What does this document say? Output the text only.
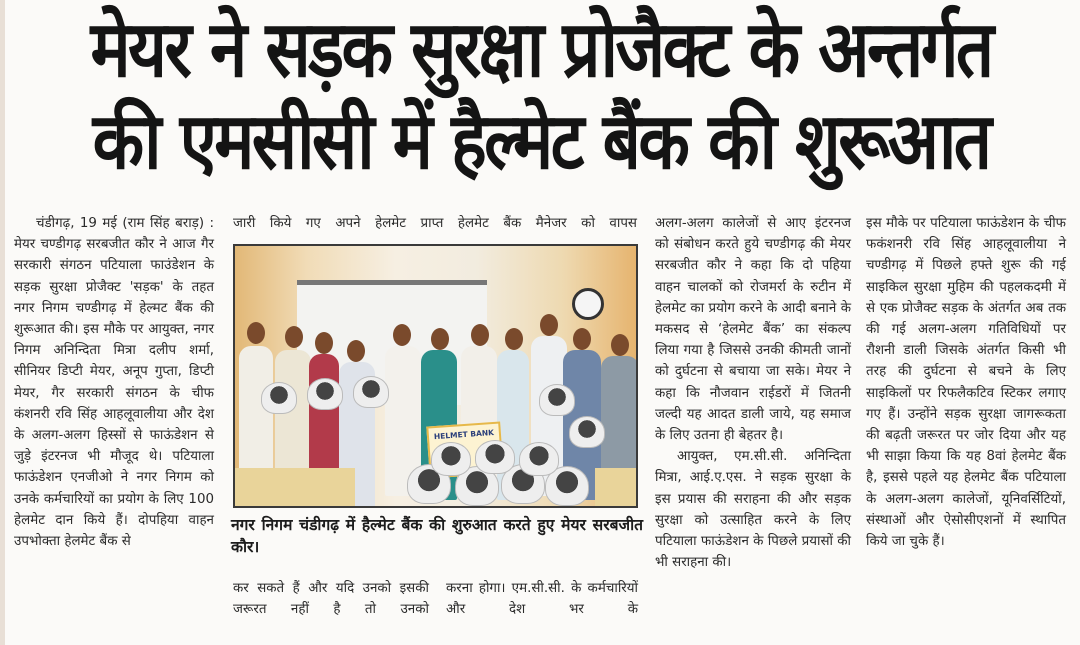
मेयर ने सड़क सुरक्षा प्रोजैक्ट के अन्तर्गत
की एमसीसी में हैल्मेट बैंक की शुरूआत

चंडीगढ़, 19 मई (राम सिंह बराड़) : मेयर चण्डीगढ़ सरबजीत कौर ने आज गैर सरकारी संगठन पटियाला फाउंडेशन के सड़क सुरक्षा प्रोजैक्ट 'सड़क' के तहत नगर निगम चण्डीगढ़ में हेल्मट बैंक की शुरूआत की। इस मौके पर आयुक्त, नगर निगम अनिन्दिता मित्रा दलीप शर्मा, सीनियर डिप्टी मेयर, अनूप गुप्ता, डिप्टी मेयर, गैर सरकारी संगठन के चीफ कंशनरी रवि सिंह आहलूवालीया और देश के अलग-अलग हिस्सों से फाऊंडेशन से जुड़े इंटरनज भी मौजूद थे। पटियाला फाऊंडेशन एनजीओ ने नगर निगम को उनके कर्मचारियों का प्रयोग के लिए 100 हेलमेट दान किये हैं। दोपहिया वाहन उपभोक्ता हेलमेट बैंक से

जारी किये गए अपने हेलमेट प्राप्त हेलमेट बैंक मैनेजर को वापस
HELMET BANK
नगर निगम चंडीगढ़ में हैल्मेट बैंक की शुरुआत करते हुए मेयर सरबजीत कौर।

कर सकते हैं और यदि उनको इसकी जरूरत नहीं है तो उनको

करना होगा। एम.सी.सी. के कर्मचारियों और देश भर के

अलग-अलग कालेजों से आए इंटरनज को संबोधन करते हुये चण्डीगढ़ की मेयर सरबजीत कौर ने कहा कि दो पहिया वाहन चालकों को रोजमर्रा के रुटीन में हेलमेट का प्रयोग करने के आदी बनाने के मकसद से ‘हेलमेट बैंक’ का संकल्प लिया गया है जिससे उनकी कीमती जानों को दुर्घटना से बचाया जा सके। मेयर ने कहा कि नौजवान राईडरों में जितनी जल्दी यह आदत डाली जाये, यह समाज के लिए उतना ही बेहतर है।

आयुक्त, एम.सी.सी. अनिन्दिता मित्रा, आई.ए.एस. ने सड़क सुरक्षा के इस प्रयास की सराहना की और सड़क सुरक्षा को उत्साहित करने के लिए पटियाला फाऊंडेशन के पिछले प्रयासों की भी सराहना की।

इस मौके पर पटियाला फाऊंडेशन के चीफ फकंशनरी रवि सिंह आहलूवालीया ने चण्डीगढ़ में पिछले हफ्ते शुरू की गई साइकिल सुरक्षा मुहिम की पहलकदमी में से एक प्रोजैक्ट सड़क के अंतर्गत अब तक की गई अलग-अलग गतिविधियों पर रौशनी डाली जिसके अंतर्गत किसी भी तरह की दुर्घटना से बचने के लिए साइकिलों पर रिफलैकटिव स्टिकर लगाए गए हैं। उन्होंने सड़क सुरक्षा जागरूकता की बढ़ती जरूरत पर जोर दिया और यह भी साझा किया कि यह 8वां हेलमेट बैंक है, इससे पहले यह हेलमेट बैंक पटियाला के अलग-अलग कालेजों, यूनिवर्सिटियों, संस्थाओं और ऐसोसीएशनों में स्थापित किये जा चुके हैं।
